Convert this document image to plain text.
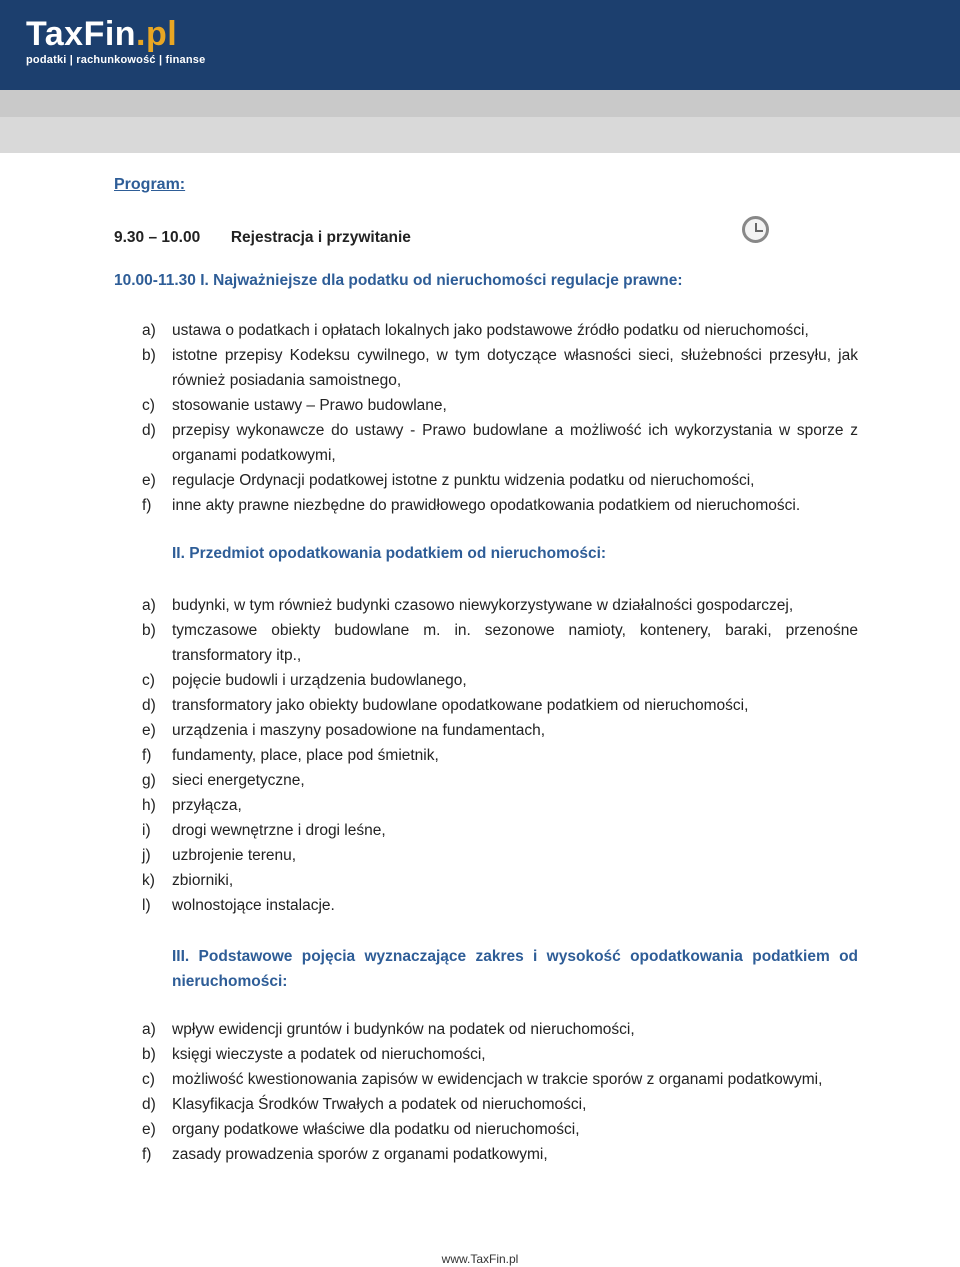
TaxFin.pl
podatki | rachunkowość | finanse
Program:
9.30 – 10.00 Rejestracja i przywitanie
10.00-11.30 I. Najważniejsze dla podatku od nieruchomości regulacje prawne:
a) ustawa o podatkach i opłatach lokalnych jako podstawowe źródło podatku od nieruchomości,
b) istotne przepisy Kodeksu cywilnego, w tym dotyczące własności sieci, służebności przesyłu, jak również posiadania samoistnego,
c) stosowanie ustawy – Prawo budowlane,
d) przepisy wykonawcze do ustawy - Prawo budowlane a możliwość ich wykorzystania w sporze z organami podatkowymi,
e) regulacje Ordynacji podatkowej istotne z punktu widzenia podatku od nieruchomości,
f) inne akty prawne niezbędne do prawidłowego opodatkowania podatkiem od nieruchomości.
II. Przedmiot opodatkowania podatkiem od nieruchomości:
a) budynki, w tym również budynki czasowo niewykorzystywane w działalności gospodarczej,
b) tymczasowe obiekty budowlane m. in. sezonowe namioty, kontenery, baraki, przenośne transformatory itp.,
c) pojęcie budowli i urządzenia budowlanego,
d) transformatory jako obiekty budowlane opodatkowane podatkiem od nieruchomości,
e) urządzenia i maszyny posadowione na fundamentach,
f) fundamenty, place, place pod śmietnik,
g) sieci energetyczne,
h) przyłącza,
i) drogi wewnętrzne i drogi leśne,
j) uzbrojenie terenu,
k) zbiorniki,
l) wolnostojące instalacje.
III. Podstawowe pojęcia wyznaczające zakres i wysokość opodatkowania podatkiem od nieruchomości:
a) wpływ ewidencji gruntów i budynków na podatek od nieruchomości,
b) księgi wieczyste a podatek od nieruchomości,
c) możliwość kwestionowania zapisów w ewidencjach w trakcie sporów z organami podatkowymi,
d) Klasyfikacja Środków Trwałych a podatek od nieruchomości,
e) organy podatkowe właściwe dla podatku od nieruchomości,
f) zasady prowadzenia sporów z organami podatkowymi,
www.TaxFin.pl
